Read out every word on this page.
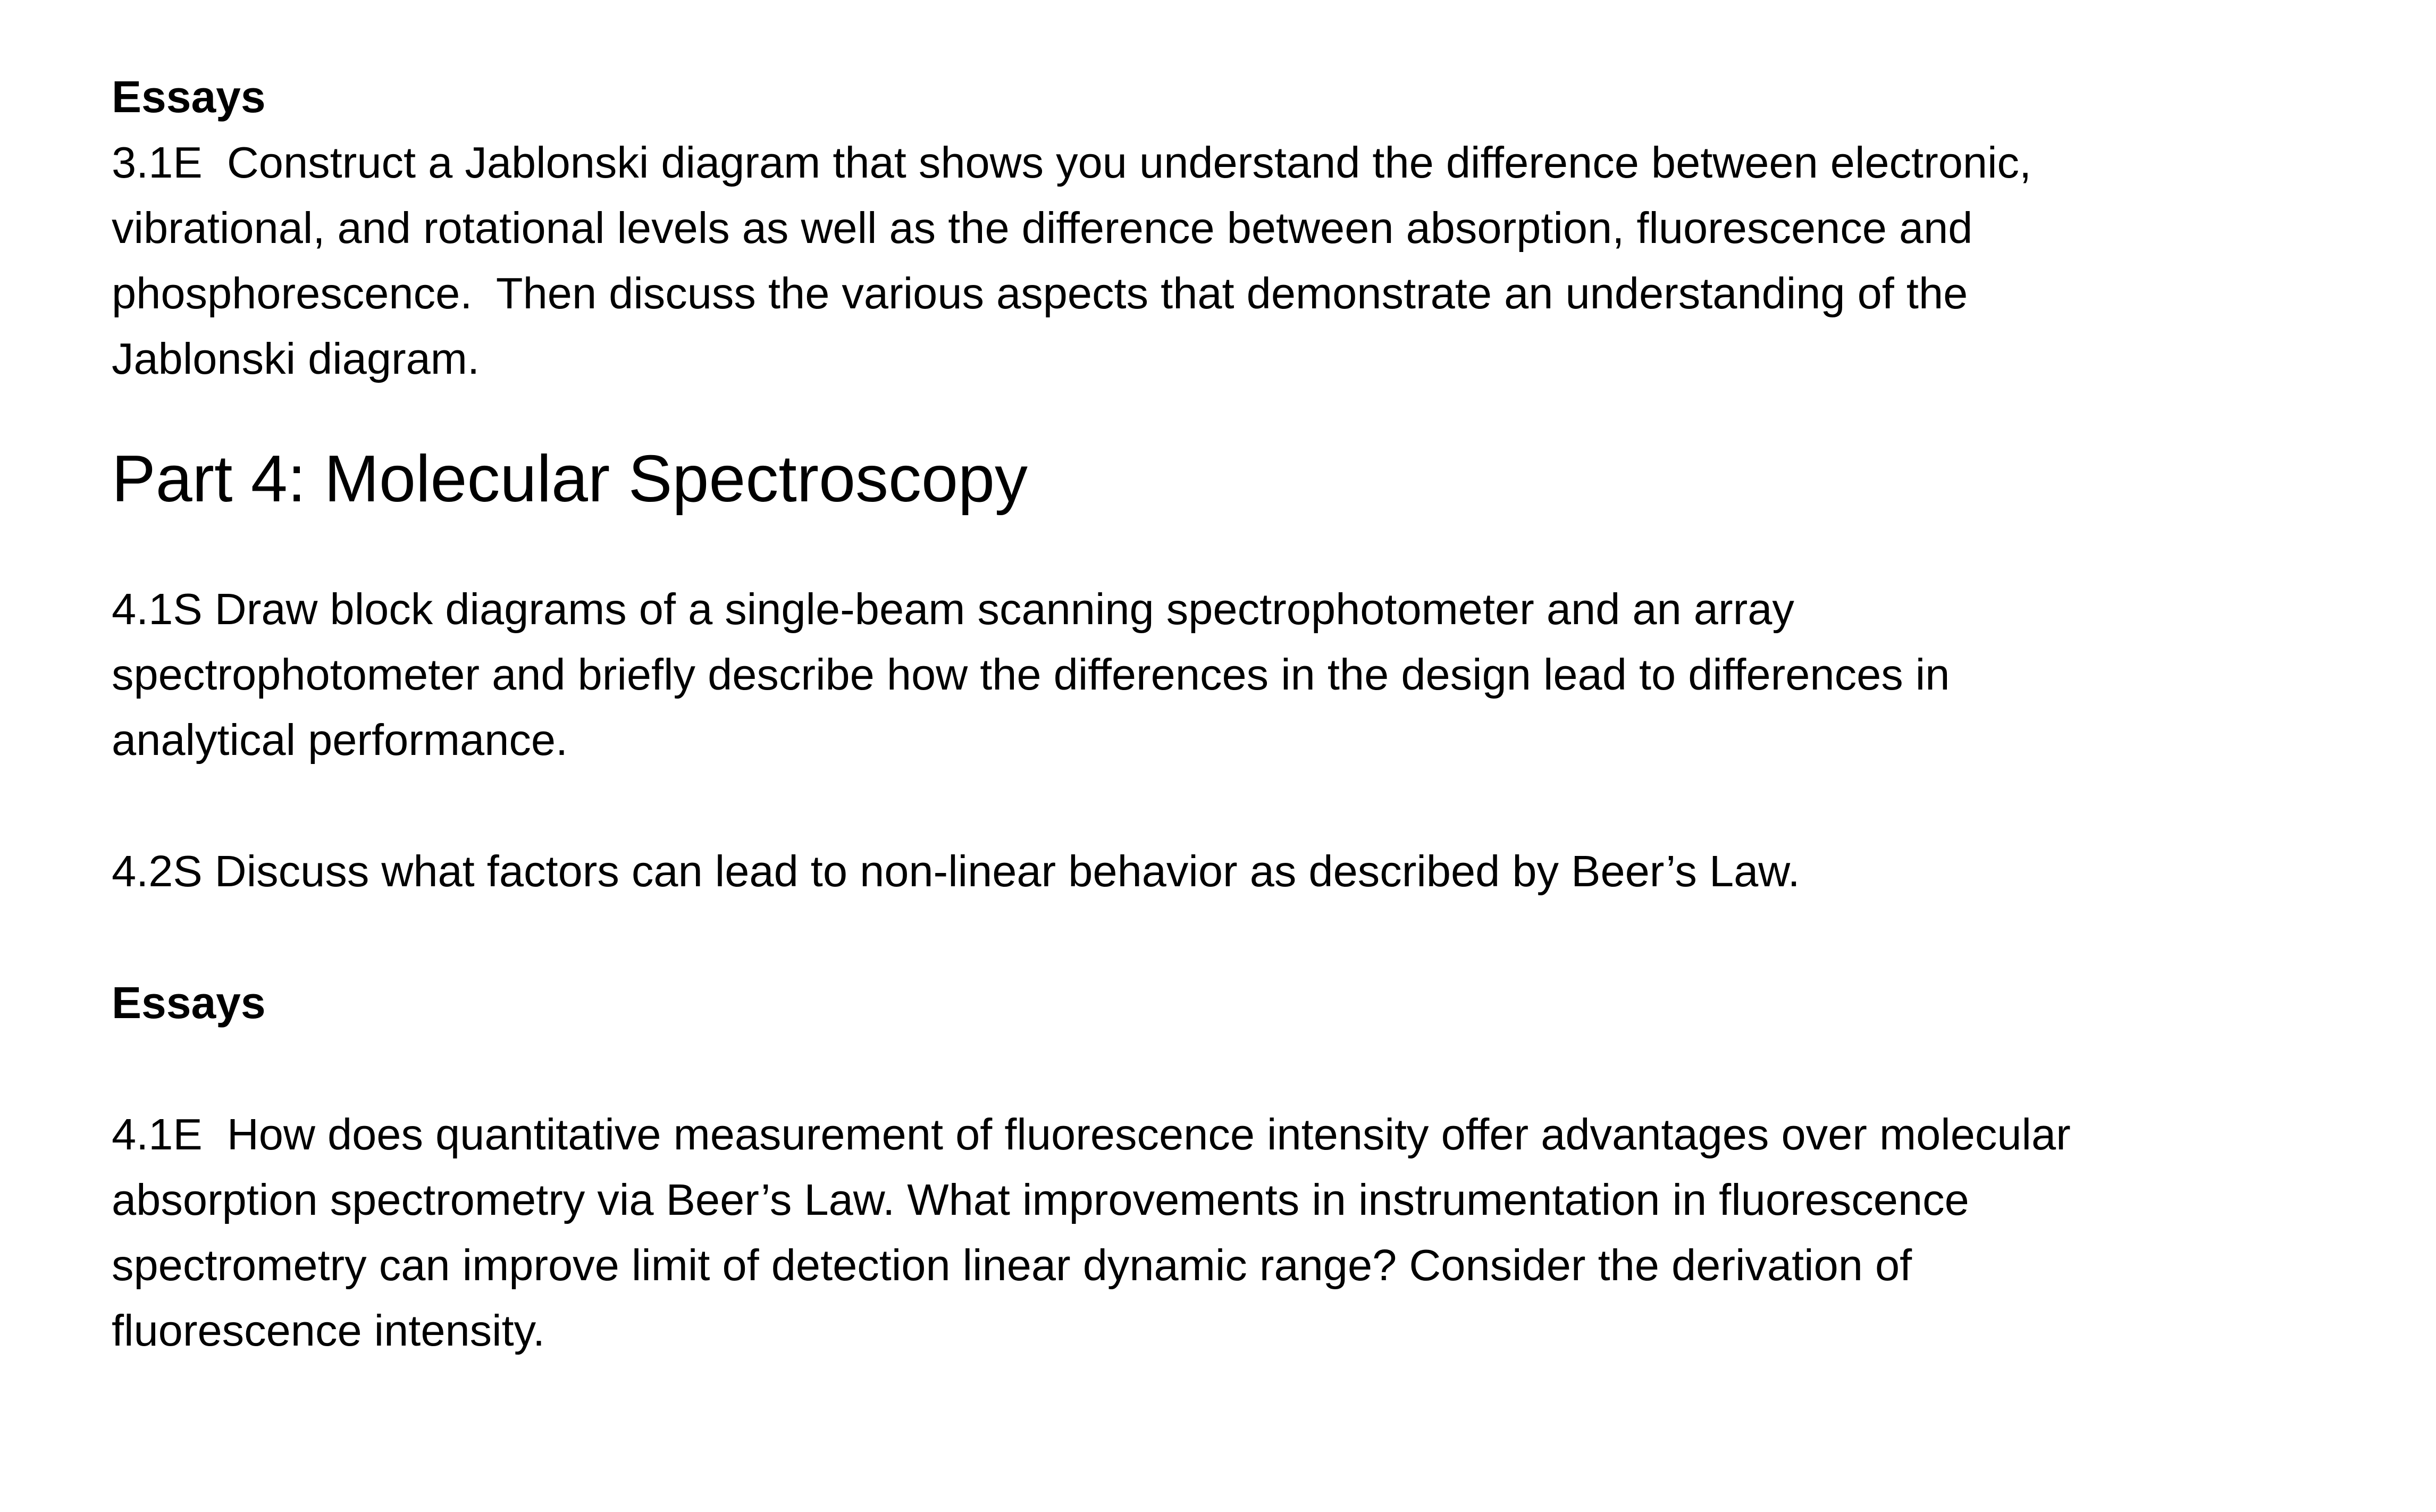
Essays

3.1E  Construct a Jablonski diagram that shows you understand the difference between electronic,
vibrational, and rotational levels as well as the difference between absorption, fluorescence and
phosphorescence.  Then discuss the various aspects that demonstrate an understanding of the
Jablonski diagram.

Part 4: Molecular Spectroscopy

4.1S Draw block diagrams of a single-beam scanning spectrophotometer and an array
spectrophotometer and briefly describe how the differences in the design lead to differences in
analytical performance.

4.2S Discuss what factors can lead to non-linear behavior as described by Beer’s Law.

Essays

4.1E  How does quantitative measurement of fluorescence intensity offer advantages over molecular
absorption spectrometry via Beer’s Law. What improvements in instrumentation in fluorescence
spectrometry can improve limit of detection linear dynamic range? Consider the derivation of
fluorescence intensity.
